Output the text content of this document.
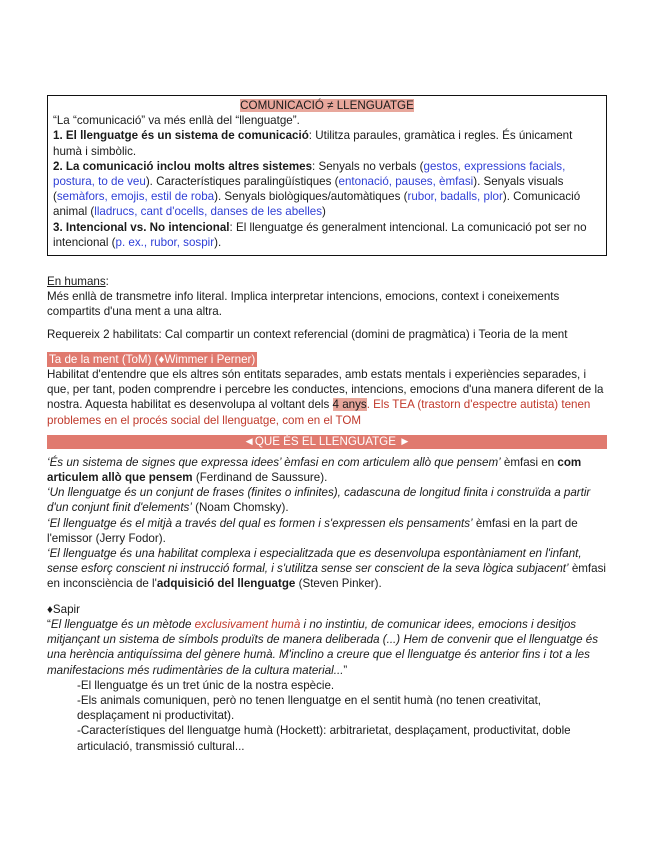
COMUNICACIÓ ≠ LLENGUATGE

“La “comunicació” va més enllà del “llenguatge”.

1. El llenguatge és un sistema de comunicació: Utilitza paraules, gramàtica i regles. És únicament humà i simbòlic.

2. La comunicació inclou molts altres sistemes: Senyals no verbals (gestos, expressions facials, postura, to de veu). Característiques paralingüístiques (entonació, pauses, èmfasi). Senyals visuals (semàfors, emojis, estil de roba). Senyals biològiques/automàtiques (rubor, badalls, plor). Comunicació animal (lladrucs, cant d'ocells, danses de les abelles)

3. Intencional vs. No intencional: El llenguatge és generalment intencional. La comunicació pot ser no intencional (p. ex., rubor, sospir).

En humans:

Més enllà de transmetre info literal. Implica interpretar intencions, emocions, context i coneixements compartits d'una ment a una altra.

Requereix 2 habilitats: Cal compartir un context referencial (domini de pragmàtica) i Teoria de la ment

Ta de la ment (ToM) (♦Wimmer i Perner)

Habilitat d'entendre que els altres són entitats separades, amb estats mentals i experiències separades, i que, per tant, poden comprendre i percebre les conductes, intencions, emocions d'una manera diferent de la nostra. Aquesta habilitat es desenvolupa al voltant dels 4 anys. Els TEA (trastorn d'espectre autista) tenen problemes en el procés social del llenguatge, com en el TOM

◄QUE ÉS EL LLENGUATGE ►

‘És un sistema de signes que expressa idees’ èmfasi en com articulem allò que pensem’ èmfasi en com articulem allò que pensem (Ferdinand de Saussure).

‘Un llenguatge és un conjunt de frases (finites o infinites), cadascuna de longitud finita i construïda a partir d'un conjunt finit d'elements’ (Noam Chomsky).

‘El llenguatge és el mitjà a través del qual es formen i s'expressen els pensaments’ èmfasi en la part de l'emissor (Jerry Fodor).

‘El llenguatge és una habilitat complexa i especialitzada que es desenvolupa espontàniament en l'infant, sense esforç conscient ni instrucció formal, i s'utilitza sense ser conscient de la seva lògica subjacent’ èmfasi en inconsciència de l'adquisició del llenguatge (Steven Pinker).

♦Sapir

“El llenguatge és un mètode exclusivament humà i no instintiu, de comunicar idees, emocions i desitjos mitjançant un sistema de símbols produïts de manera deliberada (...) Hem de convenir que el llenguatge és una herència antiquíssima del gènere humà. M'inclino a creure que el llenguatge és anterior fins i tot a les manifestacions més rudimentàries de la cultura material...”

-El llenguatge és un tret únic de la nostra espècie.

-Els animals comuniquen, però no tenen llenguatge en el sentit humà (no tenen creativitat, desplaçament ni productivitat).

-Característiques del llenguatge humà (Hockett): arbitrarietat, desplaçament, productivitat, doble articulació, transmissió cultural...
